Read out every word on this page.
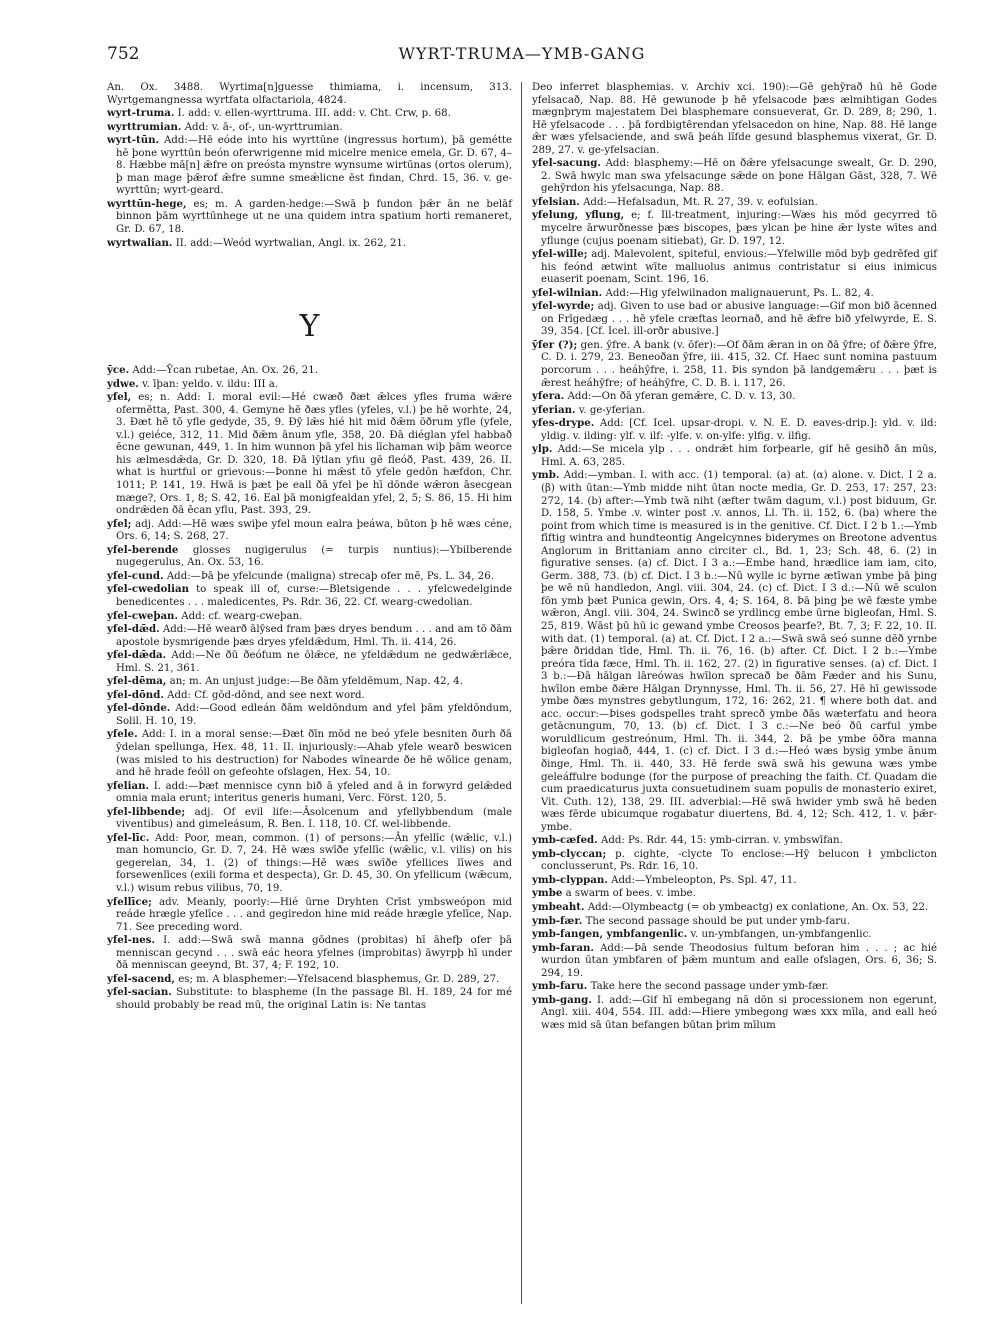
752	WYRT-TRUMA—YMB-GANG

An. Ox. 3488. Wyrtima[n]guesse thimiama, i. incensum, 313. Wyrtgemangnessa wyrtfata olfactariola, 4824.

wyrt-truma. I. add: v. ellen-wyrttruma. III. add: v. Cht. Crw, p. 68.

wyrttrumian. Add: v. ā-, of-, un-wyrttrumian.

wyrt-tūn. Add:—Hē eóde into his wyrttūne (ingressus hortum), þā gemétte hē þone wyrttūn beón oferwrigenne mid micelre menice emela, Gr. D. 67, 4–8. Hæbbe mā[n] ǣfre on preósta mynstre wynsume wirtūnas (ortos olerum), þ man mage þǣrof ǣfre sumne smeǽlicne ēst findan, Chrd. 15, 36. v. ge-wyrttūn; wyrt-geard.

wyrttūn-hege, es; m. A garden-hedge:—Swā þ fundon þǣr ān ne belāf binnon þām wyrttūnhege ut ne una quidem intra spatium horti remaneret, Gr. D. 67, 18.

wyrtwalian. II. add:—Weód wyrtwalian, Angl. ix. 262, 21.

Y

ȳce. Add:—Ȳcan rubetae, An. Ox. 26, 21.

ydwe. v. īþan: yeldo. v. ildu: III a.

yfel, es; n. Add: I. moral evil:—Hé cwæð ðæt ǣlces yfles fruma wǣre ofermētta, Past. 300, 4. Gemyne hē ðæs yfles (yfeles, v.l.) þe hē worhte, 24, 3. Ðæt hē tō yfle gedyde, 35, 9. Ðȳ lǣs hié hit mid ðǣm ōðrum yfle (yfele, v.l.) geiéce, 312, 11. Mid ðǣm ānum yfle, 358, 20. Ðā diéglan yfel habbað ēcne gewunan, 449, 1. In him wunnon þā yfel his līchaman wiþ þām weorce his ælmesdǣda, Gr. D. 320, 18. Ðā lȳtlan yfiu gē fleóð, Past. 439, 26. II. what is hurtful or grievous:—Þonne hi mǣst tō yfele gedōn hæfdon, Chr. 1011; P. 141, 19. Hwā is þæt þe eall ðā yfel þe hī dōnde wǣron āsecgean mæge?, Ors. 1, 8; S. 42, 16. Eal þā monigfealdan yfel, 2, 5; S. 86, 15. Hi him ondrǣden ðā ēcan yflu, Past. 393, 29.

yfel; adj. Add:—Hē wæs swiþe yfel moun ealra þeáwa, būton þ hē wæs céne, Ors. 6, 14; S. 268, 27.

yfel-berende glosses nugigerulus (= turpis nuntius):—Ybilberende nugegerulus, An. Ox. 53, 16.

yfel-cund. Add:—Þā þe yfelcunde (maligna) strecaþ ofer mē, Ps. L. 34, 26.

yfel-cwedolian to speak ill of, curse:—Bletsigende . . . yfelcwedelginde benedicentes . . . maledicentes, Ps. Rdr. 36, 22. Cf. wearg-cwedolian.

yfel-cweþan. Add: cf. wearg-cweþan.

yfel-dǣd. Add:—Hē wearð ālȳsed fram þæs dryes bendum . . . and am tō ðām apostole bysmrigende þæs dryes yfeldǣdum, Hml. Th. ii. 414, 26.

yfel-dǣda. Add:—Ne ðū ðeófum ne ōlǣce, ne yfeldǣdum ne gedwǣrlǣce, Hml. S. 21, 361.

yfel-dēma, an; m. An unjust judge:—Be ðām yfeldēmum, Nap. 42, 4.

yfel-dōnd. Add: Cf. gōd-dōnd, and see next word.

yfel-dōnde. Add:—Good edleán ðām weldōndum and yfel þām yfeldōndum, Solil. H. 10, 19.

yfele. Add: I. in a moral sense:—Ðæt ðīn mōd ne beó yfele besniten ðurh ðā ȳdelan spellunga, Hex. 48, 11. II. injuriously:—Ahab yfele wearð beswicen (was misled to his destruction) for Nabodes wīnearde ðe hē wōlice genam, and hē hrade feóll on gefeohte ofslagen, Hex. 54, 10.

yfelian. I. add:—Þæt mennisce cynn bið ā yfeled and ā in forwyrd gelǣded omnia mala erunt; interitus generis humani, Verc. Först. 120, 5.

yfel-libbende; adj. Of evil life:—Āsolcenum and yfellybbendum (male viventibus) and gimeleásum, R. Ben. I. 118, 10. Cf. wel-libbende.

yfel-līc. Add: Poor, mean, common. (1) of persons:—Ān yfellīc (wǣlic, v.l.) man homuncio, Gr. D. 7, 24. Hē wæs swīðe yfellīc (wǣlic, v.l. vilis) on his gegerelan, 34, 1. (2) of things:—Hē wæs swīðe yfellices līwes and forsewenlīces (exili forma et despecta), Gr. D. 45, 30. On yfellicum (wǣcum, v.l.) wisum rebus vilibus, 70, 19.

yfellīce; adv. Meanly, poorly:—Hié ūrne Dryhten Crīst ymbsweópon mid reáde hrægle yfelīce . . . and gegiredon hine mid reáde hrægle yfelīce, Nap. 71. See preceding word.

yfel-nes. I. add:—Swā swā manna gōdnes (probitas) hī āhefþ ofer þā menniscan gecynd . . . swā eác heora yfelnes (improbitas) āwyrpþ hī under ðā menniscan geeynd, Bt. 37, 4; F. 192, 10.

yfel-sacend, es; m. A blasphemer:—Yfelsacend blasphemus, Gr. D. 289, 27.

yfel-sacian. Substitute: to blaspheme (In the passage Bl. H. 189, 24 for mé should probably be read mū, the original Latin is: Ne tantas

Deo inferret blasphemias. v. Archiv xci. 190):—Gē gehȳrað hū hē Gode yfelsacað, Nap. 88. Hē gewunode þ hē yfelsacode þæs ælmihtigan Godes mægnþrym majestatem Dei blasphemare consueverat, Gr. D. 289, 8; 290, 1. Hē yfelsacode . . . þā fordbigtērendan yfelsacedon on hine, Nap. 88. Hē lange ǣr wæs yfelsaciende, and swā þeáh līfde gesund blasphemus vixerat, Gr. D. 289, 27. v. ge-yfelsacian.

yfel-sacung. Add: blasphemy:—Hē on ðǣre yfelsacunge swealt, Gr. D. 290, 2. Swā hwylc man swa yfelsacunge sǣde on þone Hālgan Gāst, 328, 7. Wē gehȳrdon his yfelsacunga, Nap. 88.

yfelsian. Add:—Hefalsadun, Mt. R. 27, 39. v. eofulsian.

yfelung, yflung, e; f. Ill-treatment, injuring:—Wæs his mōd gecyrred tō mycelre ārwurðnesse þæs biscopes, þæs ylcan þe hine ǣr lyste wītes and yflunge (cujus poenam sitiebat), Gr. D. 197, 12.

yfel-wille; adj. Malevolent, spiteful, envious:—Yfelwille mōd byþ gedrēfed gif his feónd ætwint wīte malluolus animus contristatur si eius inimicus euaserit poenam, Scint. 196, 16.

yfel-wilnian. Add:—Hig yfelwilnadon malignauerunt, Ps. L. 82, 4.

yfel-wyrde; adj. Given to use bad or abusive language:—Gif mon bið ācenned on Frīgedæg . . . hē yfele cræftas leornað, and hē ǣfre bið yfelwyrde, E. S. 39, 354. [Cf. Icel. ill-orðr abusive.]

ȳfer (?); gen. ȳfre. A bank (v. ōfer):—Of ðām ǣran in on ðā ȳfre; of ðǣre ȳfre, C. D. i. 279, 23. Beneoðan ȳfre, iii. 415, 32. Cf. Haec sunt nomina pastuum porcorum . . . heáhȳfre, i. 258, 11. Þis syndon þā landgemǣru . . . þæt is ǣrest heáhȳfre; of heáhȳfre, C. D. B. i. 117, 26.

yfera. Add:—On ðā yferan gemǣre, C. D. v. 13, 30.

yferian. v. ge-yferian.

yfes-drype. Add: [Cf. Icel. upsar-dropi. v. N. E. D. eaves-drip.]: yld. v. ild: yldig. v. ilding: ylf. v. ilf: -ylfe. v. on-ylfe: ylfig. v. ilfig.

ylp. Add:—Se micela ylp . . . ondrǣt him forþearle, gif hē gesihð ān mūs, Hml. A. 63, 285.

ymb. Add:—ymban. I. with acc. (1) temporal. (a) at. (α) alone. v. Dict. I 2 a. (β) with ūtan:—Ymb midde niht ūtan nocte media, Gr. D. 253, 17: 257, 23: 272, 14. (b) after:—Ymb twā niht (æfter twām dagum, v.l.) post biduum, Gr. D. 158, 5. Ymbe .v. winter post .v. annos, Ll. Th. ii. 152, 6. (ba) where the point from which time is measured is in the genitive. Cf. Dict. I 2 b 1.:—Ymb fīftig wintra and hundteontig Angelcynnes biderymes on Breotone adventus Anglorum in Brittaniam anno circiter cl., Bd. 1, 23; Sch. 48, 6. (2) in figurative senses. (a) cf. Dict. I 3 a.:—Embe hand, hrædlice iam iam, cito, Germ. 388, 73. (b) cf. Dict. I 3 b.:—Nū wylle ic byrne ætīwan ymbe þā þing þe wē nū handledon, Angl. viii. 304, 24. (c) cf. Dict. I 3 d.:—Nū wē sculon fōn ymb þæt Punica gewin, Ors. 4, 4; S. 164, 8. Þā þing þe wē fæste ymbe wǣron, Angl. viii. 304, 24. Swincð se yrdlincg embe ūrne bigleofan, Hml. S. 25, 819. Wāst þū hū ic gewand ymbe Creosos þearfe?, Bt. 7, 3; F. 22, 10. II. with dat. (1) temporal. (a) at. Cf. Dict. I 2 a.:—Swā swā seó sunne dēð yrnbe þǣre ðriddan tīde, Hml. Th. ii. 76, 16. (b) after. Cf. Dict. I 2 b.:—Ymbe preóra tīda fæce, Hml. Th. ii. 162, 27. (2) in figurative senses. (a) cf. Dict. I 3 b.:—Ðā hālgan lāreówas hwīlon sprecað be ðām Fæder and his Sunu, hwīlon embe ðǣre Hālgan Drynnysse, Hml. Th. ii. 56, 27. Hē hī gewissode ymbe ðæs mynstres gebytlungum, 172, 16: 262, 21. ¶ where both dat. and acc. occur:—Þises godspelles traht sprecð ymbe ðās wæterfatu and heora getācnungum, 70, 13. (b) cf. Dict. I 3 c.:—Ne beó ðū carful ymbe woruldlicum gestreónum, Hml. Th. ii. 344, 2. Þā þe ymbe ōðra manna bigleofan hogiað, 444, 1. (c) cf. Dict. I 3 d.:—Heó wæs bysig ymbe ānum ðinge, Hml. Th. ii. 440, 33. Hē ferde swā swā his gewuna wæs ymbe geleáffulre bodunge (for the purpose of preaching the faith. Cf. Quadam die cum praedicaturus juxta consuetudinem suam populis de monasterio exiret, Vit. Cuth. 12), 138, 29. III. adverbial:—Hē swā hwider ymb swā hē beden wæs fērde ubicumque rogabatur diuertens, Bd. 4, 12; Sch. 412, 1. v. þǣr-ymbe.

ymb-cæfed. Add: Ps. Rdr. 44, 15: ymb-cirran. v. ymbswīfan.

ymb-clyccan; p. cighte, -clycte To enclose:—Hȳ belucon ł ymbclicton conclusserunt, Ps. Rdr. 16, 10.

ymb-clyppan. Add:—Ymbeleopton, Ps. Spl. 47, 11.

ymbe a swarm of bees. v. imbe.

ymbeaht. Add:—Olymbeactg (= ob ymbeactg) ex conlatione, An. Ox. 53, 22.

ymb-fær. The second passage should be put under ymb-faru.

ymb-fangen, ymbfangenlic. v. un-ymbfangen, un-ymbfangenlic.

ymb-faran. Add:—Þā sende Theodosius fultum beforan him . . . ; ac hié wurdon ūtan ymbfaren of þǣm muntum and ealle ofslagen, Ors. 6, 36; S. 294, 19.

ymb-faru. Take here the second passage under ymb-fær.

ymb-gang. I. add:—Gif hī embegang nā dōn si processionem non egerunt, Angl. xiii. 404, 554. III. add:—Hiere ymbegong wæs xxx mīla, and eall heó wæs mid sā ūtan befangen būtan þrim mīlum
